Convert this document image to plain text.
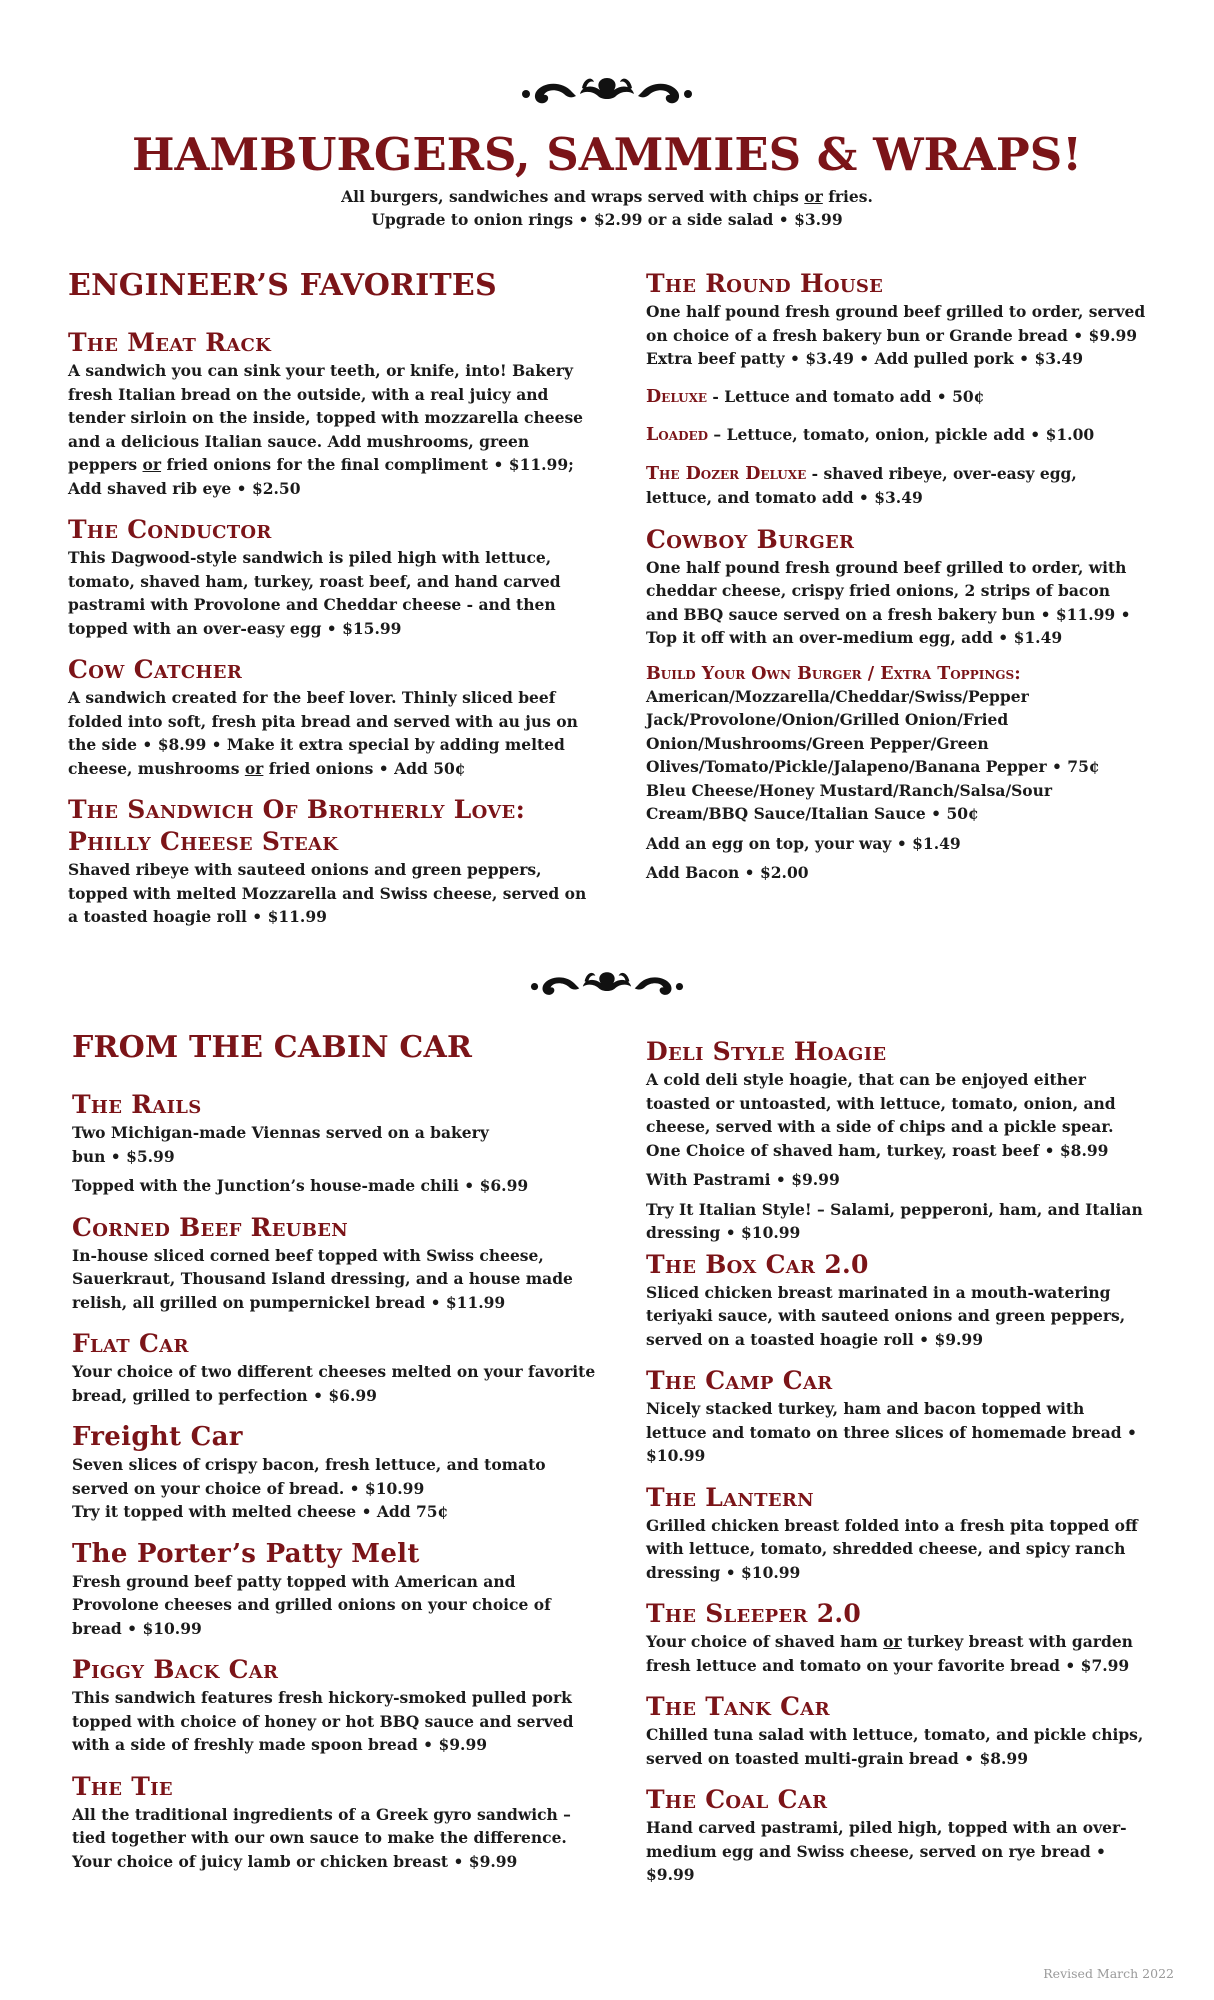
HAMBURGERS, SAMMIES & WRAPS!
All burgers, sandwiches and wraps served with chips or fries.
Upgrade to onion rings • $2.99 or a side salad • $3.99
ENGINEER’S FAVORITES
The Meat Rack

A sandwich you can sink your teeth, or knife, into! Bakery fresh Italian bread on the outside, with a real juicy and tender sirloin on the inside, topped with mozzarella cheese and a delicious Italian sauce. Add mushrooms, green peppers or fried onions for the final compliment • $11.99; Add shaved rib eye • $2.50

The Conductor

This Dagwood-style sandwich is piled high with lettuce, tomato, shaved ham, turkey, roast beef, and hand carved pastrami with Provolone and Cheddar cheese - and then topped with an over-easy egg • $15.99

Cow Catcher

A sandwich created for the beef lover. Thinly sliced beef folded into soft, fresh pita bread and served with au jus on the side • $8.99 • Make it extra special by adding melted cheese, mushrooms or fried onions • Add 50¢

The Sandwich Of Brotherly Love:
Philly Cheese Steak

Shaved ribeye with sauteed onions and green peppers, topped with melted Mozzarella and Swiss cheese, served on a toasted hoagie roll • $11.99

The Round House

One half pound fresh ground beef grilled to order, served on choice of a fresh bakery bun or Grande bread • $9.99 Extra beef patty • $3.49 • Add pulled pork • $3.49

Deluxe - Lettuce and tomato add • 50¢

Loaded – Lettuce, tomato, onion, pickle add • $1.00

The Dozer Deluxe - shaved ribeye, over-easy egg, lettuce, and tomato add • $3.49

Cowboy Burger

One half pound fresh ground beef grilled to order, with cheddar cheese, crispy fried onions, 2 strips of bacon and BBQ sauce served on a fresh bakery bun • $11.99 • Top it off with an over-medium egg, add • $1.49

Build Your Own Burger / Extra Toppings:

American/Mozzarella/Cheddar/Swiss/Pepper Jack/Provolone/Onion/Grilled Onion/Fried Onion/Mushrooms/Green Pepper/Green Olives/Tomato/Pickle/Jalapeno/Banana Pepper • 75¢

Bleu Cheese/Honey Mustard/Ranch/Salsa/Sour Cream/BBQ Sauce/Italian Sauce • 50¢

Add an egg on top, your way • $1.49

Add Bacon • $2.00

FROM THE CABIN CAR
The Rails

Two Michigan-made Viennas served on a bakery bun • $5.99

Topped with the Junction’s house-made chili • $6.99

Corned Beef Reuben

In-house sliced corned beef topped with Swiss cheese, Sauerkraut, Thousand Island dressing, and a house made relish, all grilled on pumpernickel bread • $11.99

Flat Car

Your choice of two different cheeses melted on your favorite bread, grilled to perfection • $6.99

Freight Car

Seven slices of crispy bacon, fresh lettuce, and tomato served on your choice of bread. • $10.99

Try it topped with melted cheese • Add 75¢

The Porter’s Patty Melt

Fresh ground beef patty topped with American and Provolone cheeses and grilled onions on your choice of bread • $10.99

Piggy Back Car

This sandwich features fresh hickory-smoked pulled pork topped with choice of honey or hot BBQ sauce and served with a side of freshly made spoon bread • $9.99

The Tie

All the traditional ingredients of a Greek gyro sandwich – tied together with our own sauce to make the difference. Your choice of juicy lamb or chicken breast • $9.99

Deli Style Hoagie

A cold deli style hoagie, that can be enjoyed either toasted or untoasted, with lettuce, tomato, onion, and cheese, served with a side of chips and a pickle spear. One Choice of shaved ham, turkey, roast beef • $8.99

With Pastrami • $9.99

Try It Italian Style! – Salami, pepperoni, ham, and Italian dressing • $10.99

The Box Car 2.0

Sliced chicken breast marinated in a mouth-watering teriyaki sauce, with sauteed onions and green peppers, served on a toasted hoagie roll • $9.99

The Camp Car

Nicely stacked turkey, ham and bacon topped with lettuce and tomato on three slices of homemade bread • $10.99

The Lantern

Grilled chicken breast folded into a fresh pita topped off with lettuce, tomato, shredded cheese, and spicy ranch dressing • $10.99

The Sleeper 2.0

Your choice of shaved ham or turkey breast with garden fresh lettuce and tomato on your favorite bread • $7.99

The Tank Car

Chilled tuna salad with lettuce, tomato, and pickle chips, served on toasted multi-grain bread • $8.99

The Coal Car

Hand carved pastrami, piled high, topped with an over-medium egg and Swiss cheese, served on rye bread • $9.99

Revised March 2022
